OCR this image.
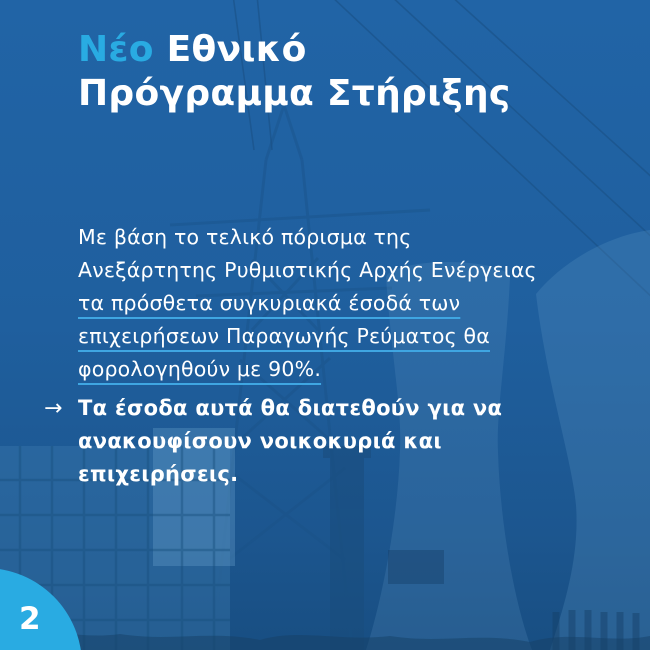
Νέο Εθνικό
Πρόγραμμα Στήριξης
Με βάση το τελικό πόρισμα της
Ανεξάρτητης Ρυθμιστικής Αρχής Ενέργειας
τα πρόσθετα συγκυριακά έσοδά των
επιχειρήσεων Παραγωγής Ρεύματος θα
φορολογηθούν με 90%.
→ Τα έσοδα αυτά θα διατεθούν για να
ανακουφίσουν νοικοκυριά και
επιχειρήσεις.
2
